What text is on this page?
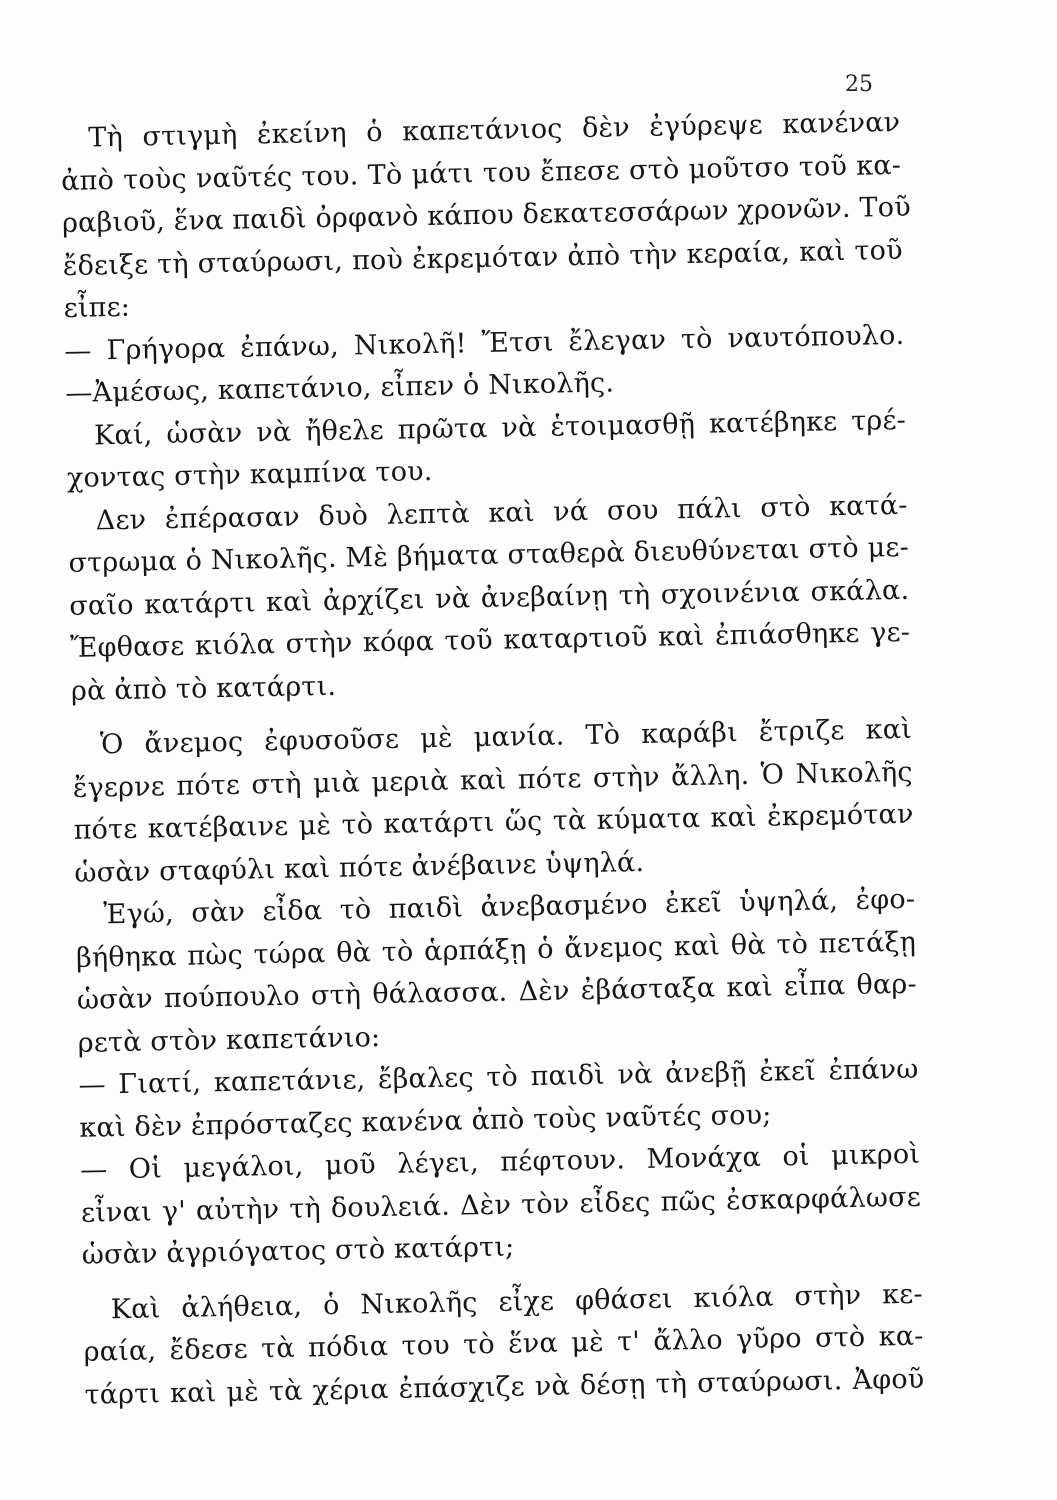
25
Τὴ στιγμὴ ἐκείνη ὁ καπετάνιος δὲν ἐγύρεψε κανέναν
ἀπὸ τοὺς ναῦτές του. Τὸ μάτι του ἔπεσε στὸ μοῦτσο τοῦ κα-
ραβιοῦ, ἕνα παιδὶ ὀρφανὸ κάπου δεκατεσσάρων χρονῶν. Τοῦ
ἔδειξε τὴ σταύρωσι, ποὺ ἐκρεμόταν ἀπὸ τὴν κεραία, καὶ τοῦ
εἶπε:
— Γρήγορα ἐπάνω, Νικολῆ! Ἔτσι ἔλεγαν τὸ ναυτόπουλο.
—Ἀμέσως, καπετάνιο, εἶπεν ὁ Νικολῆς.
Καί, ὡσὰν νὰ ἤθελε πρῶτα νὰ ἑτοιμασθῇ κατέβηκε τρέ-
χοντας στὴν καμπίνα του.
Δεν ἐπέρασαν δυὸ λεπτὰ καὶ νά σου πάλι στὸ κατά-
στρωμα ὁ Νικολῆς. Μὲ βήματα σταθερὰ διευθύνεται στὸ με-
σαῖο κατάρτι καὶ ἀρχίζει νὰ ἀνεβαίνῃ τὴ σχοινένια σκάλα.
Ἔφθασε κιόλα στὴν κόφα τοῦ καταρτιοῦ καὶ ἐπιάσθηκε γε-
ρὰ ἀπὸ τὸ κατάρτι.
Ὁ ἄνεμος ἐφυσοῦσε μὲ μανία. Τὸ καράβι ἔτριζε καὶ
ἔγερνε πότε στὴ μιὰ μεριὰ καὶ πότε στὴν ἄλλη. Ὁ Νικολῆς
πότε κατέβαινε μὲ τὸ κατάρτι ὥς τὰ κύματα καὶ ἐκρεμόταν
ὡσὰν σταφύλι καὶ πότε ἀνέβαινε ὑψηλά.
Ἐγώ, σὰν εἶδα τὸ παιδὶ ἀνεβασμένο ἐκεῖ ὑψηλά, ἐφο-
βήθηκα πὼς τώρα θὰ τὸ ἁρπάξῃ ὁ ἄνεμος καὶ θὰ τὸ πετάξῃ
ὡσὰν πούπουλο στὴ θάλασσα. Δὲν ἐβάσταξα καὶ εἶπα θαρ-
ρετὰ στὸν καπετάνιο:
— Γιατί, καπετάνιε, ἔβαλες τὸ παιδὶ νὰ ἀνεβῇ ἐκεῖ ἐπάνω
καὶ δὲν ἐπρόσταζες κανένα ἀπὸ τοὺς ναῦτές σου;
— Οἱ μεγάλοι, μοῦ λέγει, πέφτουν. Μονάχα οἱ μικροὶ
εἶναι γ' αὐτὴν τὴ δουλειά. Δὲν τὸν εἶδες πῶς ἐσκαρφάλωσε
ὡσὰν ἀγριόγατος στὸ κατάρτι;
Καὶ ἀλήθεια, ὁ Νικολῆς εἶχε φθάσει κιόλα στὴν κε-
ραία, ἔδεσε τὰ πόδια του τὸ ἕνα μὲ τ' ἄλλο γῦρο στὸ κα-
τάρτι καὶ μὲ τὰ χέρια ἐπάσχιζε νὰ δέσῃ τὴ σταύρωσι. Ἀφοῦ
